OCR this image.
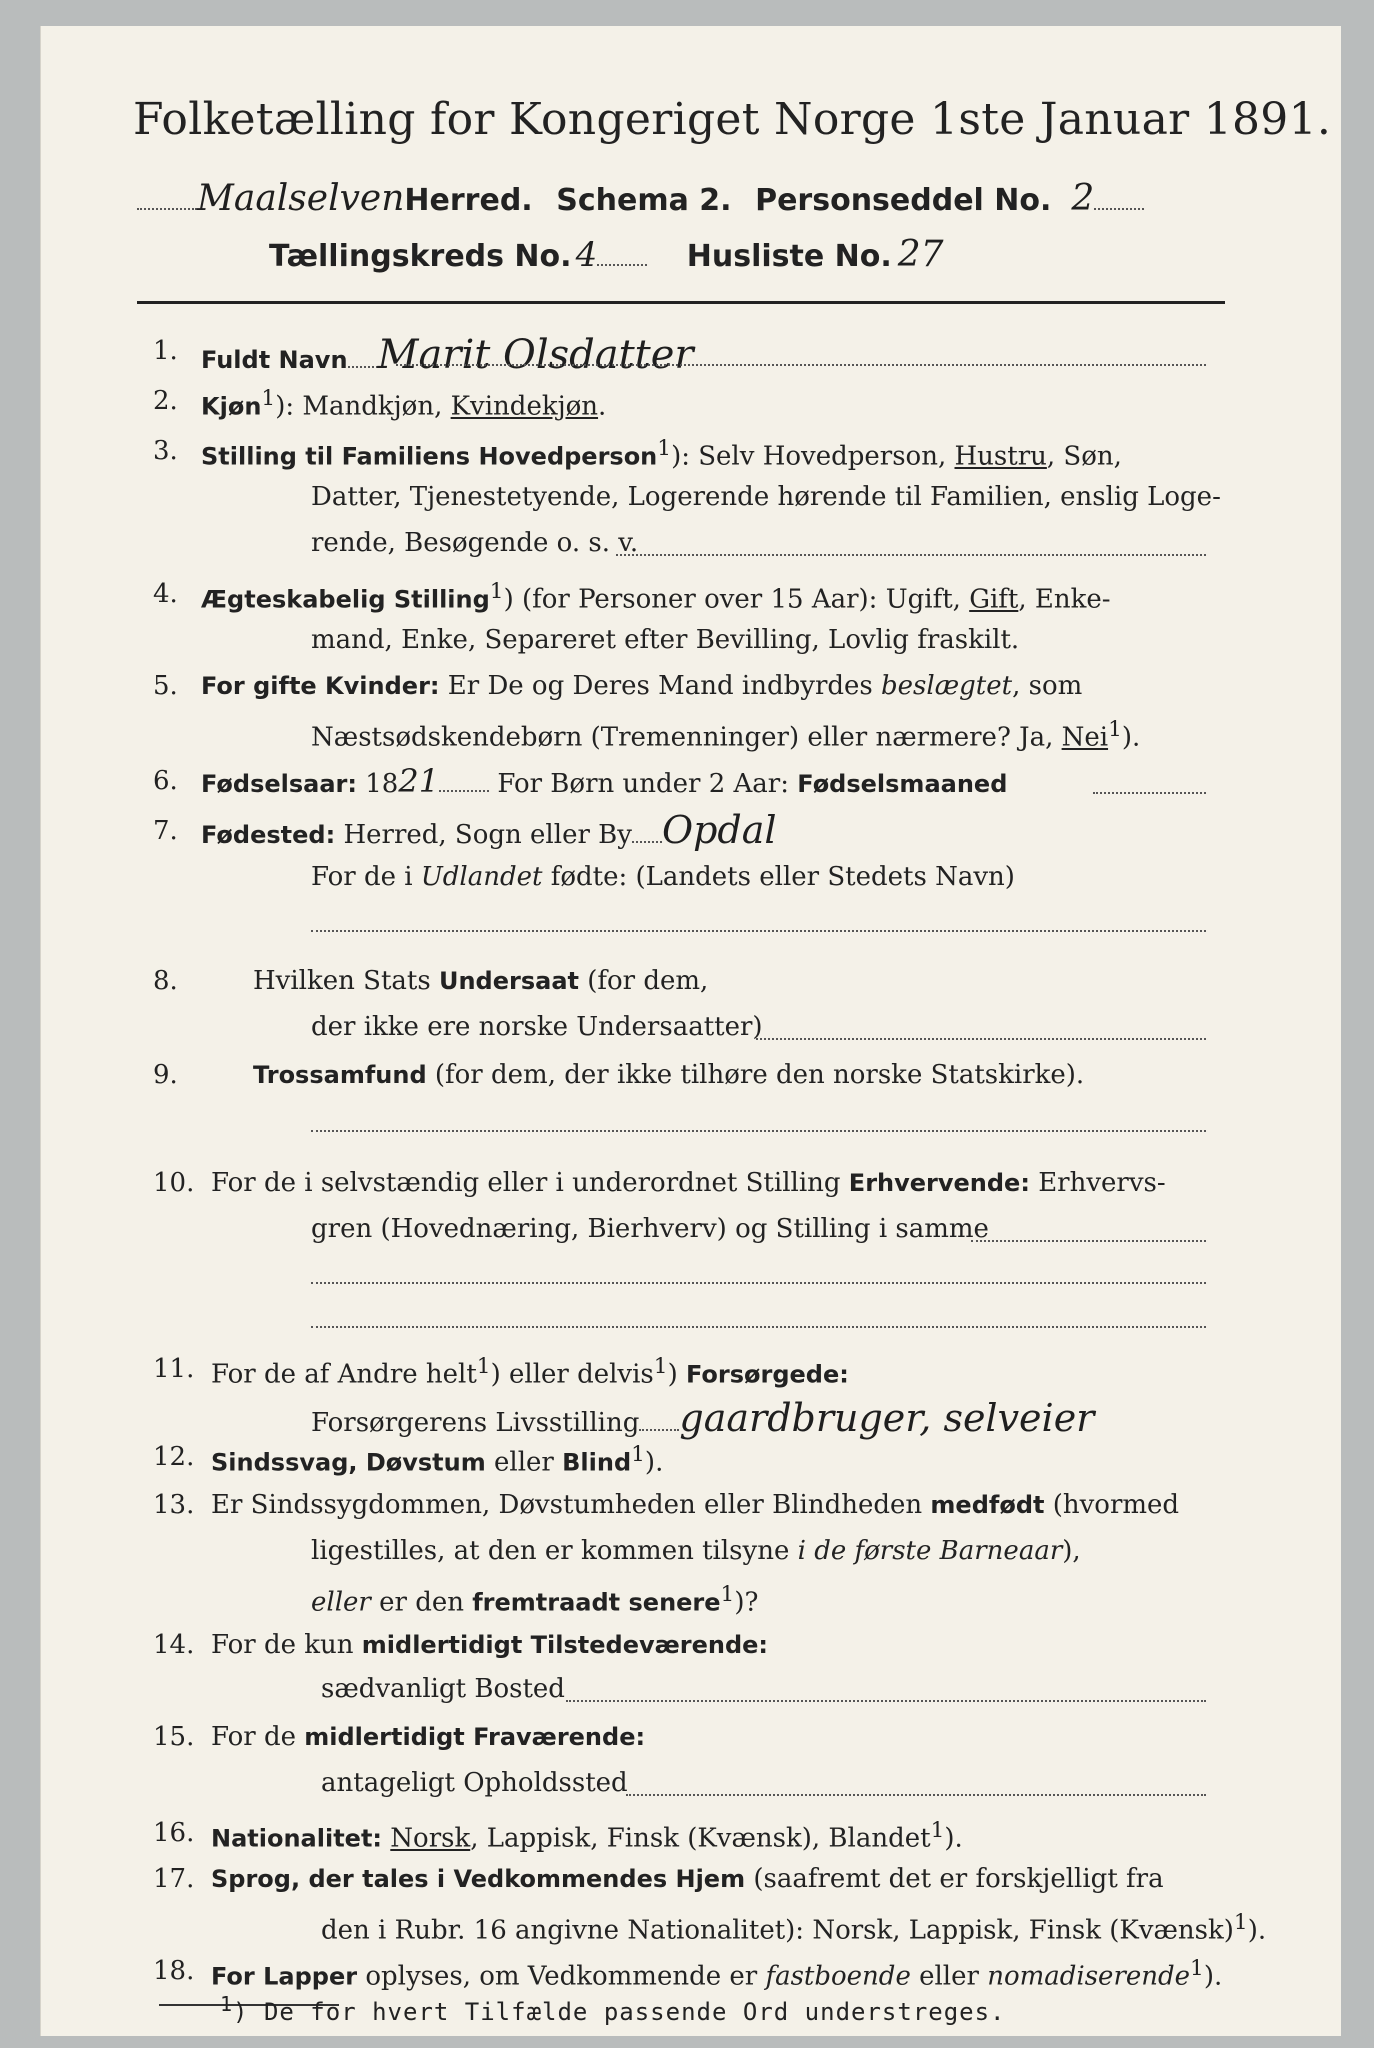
Folketælling for Kongeriget Norge 1ste Januar 1891.
MaalselvenHerred. Schema 2. Personseddel No. 2
Tællingskreds No. 4	Husliste No. 27
1. Fuldt Navn Marit Olsdatter
2. Kjøn$^1$): Mandkjøn, Kvindekjøn.
3. Stilling til Familiens Hovedperson$^1$): Selv Hovedperson, Hustru, Søn,
Datter, Tjenestetyende, Logerende hørende til Familien, enslig Loge-
rende, Besøgende o. s. v.
4. Ægteskabelig Stilling$^1$) (for Personer over 15 Aar): Ugift, Gift, Enke-
mand, Enke, Separeret efter Bevilling, Lovlig fraskilt.
5. For gifte Kvinder: Er De og Deres Mand indbyrdes beslægtet, som
Næstsødskendebørn (Tremenninger) eller nærmere? Ja, Nei$^1$).
6. Fødselsaar: 1821 For Børn under 2 Aar: Fødselsmaaned
7. Fødested: Herred, Sogn eller By Opdal
For de i Udlandet fødte: (Landets eller Stedets Navn)
8.	Hvilken Stats Undersaat (for dem,
der ikke ere norske Undersaatter)
9.	Trossamfund (for dem, der ikke tilhøre den norske Statskirke).
10. For de i selvstændig eller i underordnet Stilling Erhvervende: Erhvervs-
gren (Hovednæring, Bierhverv) og Stilling i samme
11. For de af Andre helt$^1$) eller delvis$^1$) Forsørgede:
Forsørgerens Livsstilling gaardbruger, selveier
12. Sindssvag, Døvstum eller Blind$^1$).
13. Er Sindssygdommen, Døvstumheden eller Blindheden medfødt (hvormed
ligestilles, at den er kommen tilsyne i de første Barneaar),
eller er den fremtraadt senere$^1$)?
14. For de kun midlertidigt Tilstedeværende:
sædvanligt Bosted
15. For de midlertidigt Fraværende:
antageligt Opholdssted
16. Nationalitet: Norsk, Lappisk, Finsk (Kvænsk), Blandet$^1$).
17. Sprog, der tales i Vedkommendes Hjem (saafremt det er forskjelligt fra
den i Rubr. 16 angivne Nationalitet): Norsk, Lappisk, Finsk (Kvænsk)$^1$).
18. For Lapper oplyses, om Vedkommende er fastboende eller nomadiserende$^1$).
$^1$) De for hvert Tilfælde passende Ord understreges.
